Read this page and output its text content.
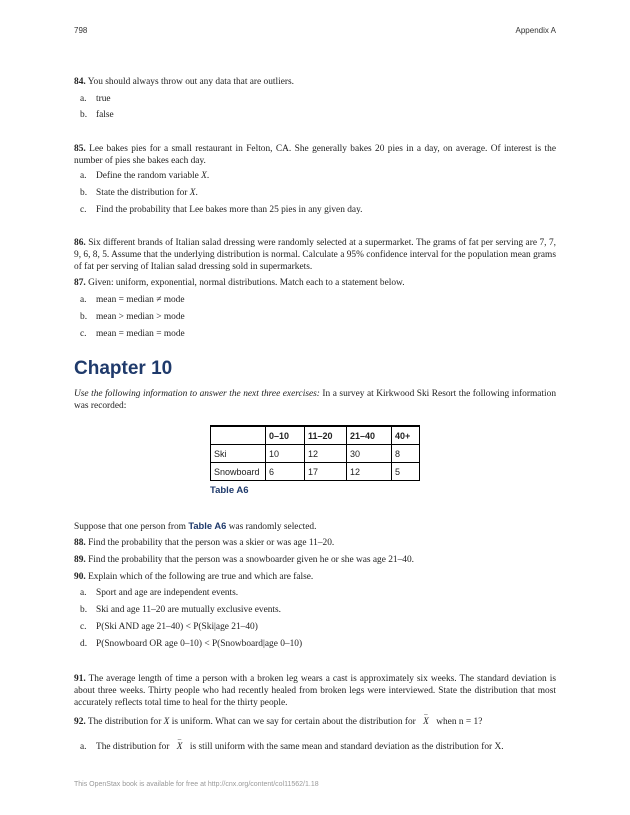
798	Appendix A
84. You should always throw out any data that are outliers.
a. true
b. false
85. Lee bakes pies for a small restaurant in Felton, CA. She generally bakes 20 pies in a day, on average. Of interest is the number of pies she bakes each day.
a. Define the random variable X.
b. State the distribution for X.
c. Find the probability that Lee bakes more than 25 pies in any given day.
86. Six different brands of Italian salad dressing were randomly selected at a supermarket. The grams of fat per serving are 7, 7, 9, 6, 8, 5. Assume that the underlying distribution is normal. Calculate a 95% confidence interval for the population mean grams of fat per serving of Italian salad dressing sold in supermarkets.
87. Given: uniform, exponential, normal distributions. Match each to a statement below.
a. mean = median ≠ mode
b. mean > median > mode
c. mean = median = mode
Chapter 10
Use the following information to answer the next three exercises: In a survey at Kirkwood Ski Resort the following information was recorded:
	0–10	11–20	21–40	40+
Ski	10	12	30	8
Snowboard	6	17	12	5
Table A6
Suppose that one person from Table A6 was randomly selected.
88. Find the probability that the person was a skier or was age 11–20.
89. Find the probability that the person was a snowboarder given he or she was age 21–40.
90. Explain which of the following are true and which are false.
a. Sport and age are independent events.
b. Ski and age 11–20 are mutually exclusive events.
c. P(Ski AND age 21–40) < P(Ski|age 21–40)
d. P(Snowboard OR age 0–10) < P(Snowboard|age 0–10)
91. The average length of time a person with a broken leg wears a cast is approximately six weeks. The standard deviation is about three weeks. Thirty people who had recently healed from broken legs were interviewed. State the distribution that most accurately reflects total time to heal for the thirty people.
92. The distribution for X is uniform. What can we say for certain about the distribution for – X when n = 1?
a. The distribution for – X is still uniform with the same mean and standard deviation as the distribution for X.
This OpenStax book is available for free at http://cnx.org/content/col11562/1.18
